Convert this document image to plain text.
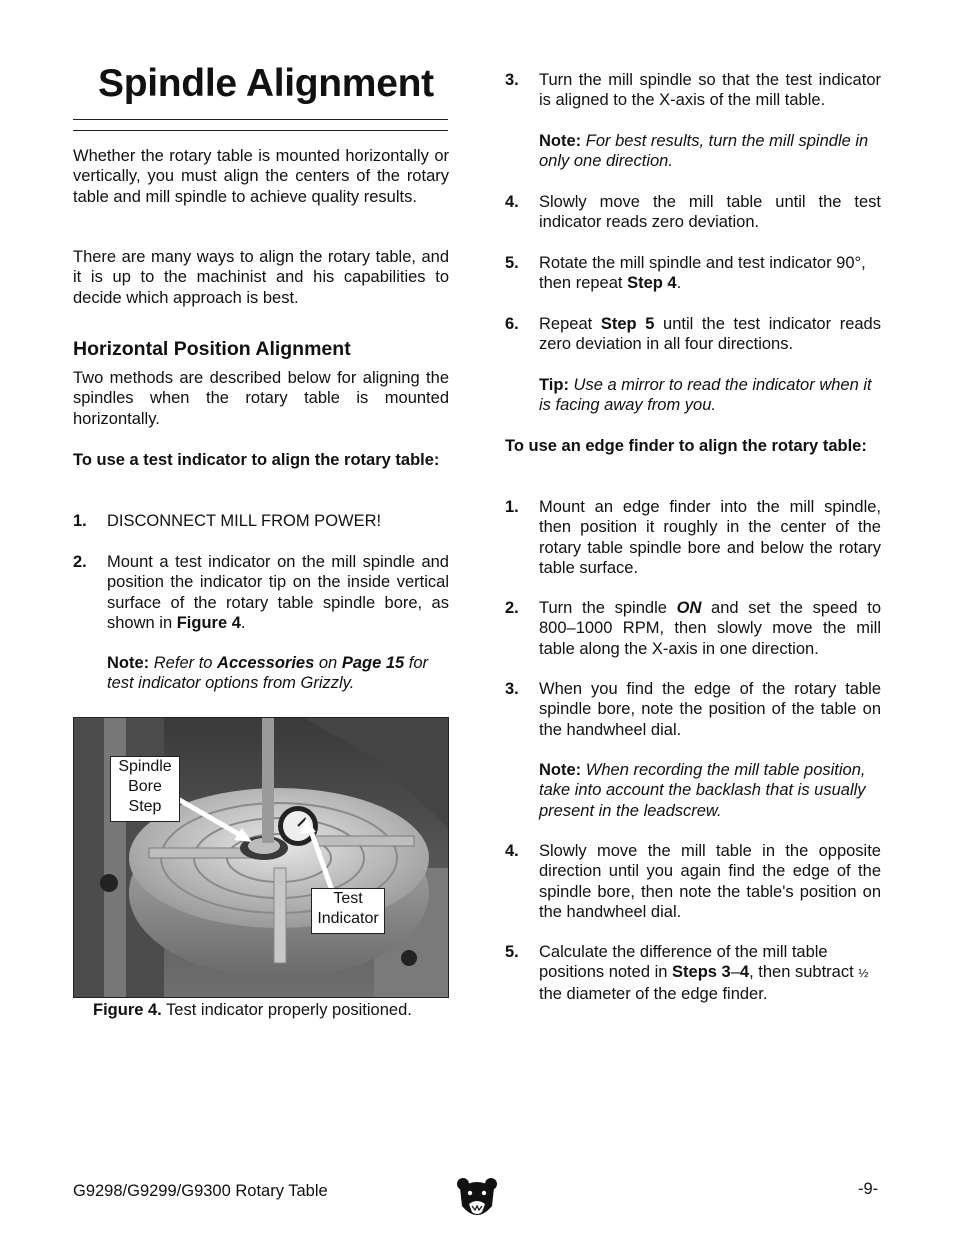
Spindle Alignment

Whether the rotary table is mounted horizontally or vertically, you must align the centers of the rotary table and mill spindle to achieve quality results.

There are many ways to align the rotary table, and it is up to the machinist and his capabilities to decide which approach is best.

Horizontal Position Alignment

Two methods are described below for aligning the spindles when the rotary table is mounted horizontally.

To use a test indicator to align the rotary table:

1. DISCONNECT MILL FROM POWER!

2. Mount a test indicator on the mill spindle and position the indicator tip on the inside vertical surface of the rotary table spindle bore, as shown in Figure 4.

Note: Refer to Accessories on Page 15 for test indicator options from Grizzly.

Spindle Bore Step
Test Indicator
Figure 4. Test indicator properly positioned.
3. Turn the mill spindle so that the test indicator is aligned to the X-axis of the mill table.

Note: For best results, turn the mill spindle in only one direction.

4. Slowly move the mill table until the test indicator reads zero deviation.

5. Rotate the mill spindle and test indicator 90°, then repeat Step 4.

6. Repeat Step 5 until the test indicator reads zero deviation in all four directions.

Tip: Use a mirror to read the indicator when it is facing away from you.

To use an edge finder to align the rotary table:

1. Mount an edge finder into the mill spindle, then position it roughly in the center of the rotary table spindle bore and below the rotary table surface.

2. Turn the spindle ON and set the speed to 800–1000 RPM, then slowly move the mill table along the X-axis in one direction.

3. When you find the edge of the rotary table spindle bore, note the position of the table on the handwheel dial.

Note: When recording the mill table position, take into account the backlash that is usually present in the leadscrew.

4. Slowly move the mill table in the opposite direction until you again find the edge of the spindle bore, then note the table's position on the handwheel dial.

5. Calculate the difference of the mill table positions noted in Steps 3–4, then subtract ½ the diameter of the edge finder.

G9298/G9299/G9300 Rotary Table	-9-
